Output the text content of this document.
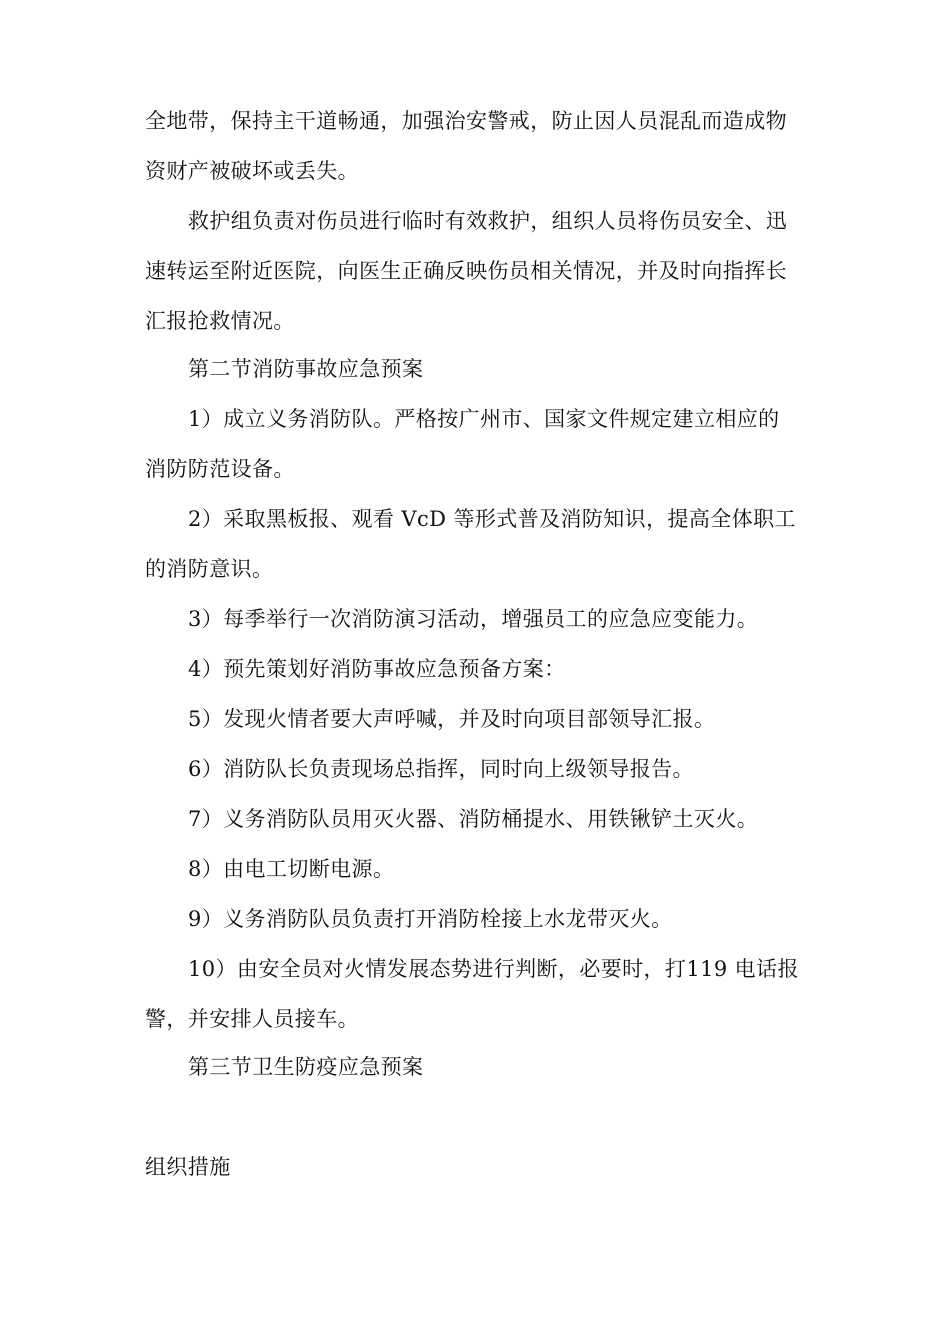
全地带，保持主干道畅通，加强治安警戒，防止因人员混乱而造成物
资财产被破坏或丢失。
救护组负责对伤员进行临时有效救护，组织人员将伤员安全、迅
速转运至附近医院，向医生正确反映伤员相关情况，并及时向指挥长
汇报抢救情况。
第二节消防事故应急预案
1）成立义务消防队。严格按广州市、国家文件规定建立相应的
消防防范设备。
2）采取黑板报、观看 VcD 等形式普及消防知识，提高全体职工
的消防意识。
3）每季举行一次消防演习活动，增强员工的应急应变能力。
4）预先策划好消防事故应急预备方案：
5）发现火情者要大声呼喊，并及时向项目部领导汇报。
6）消防队长负责现场总指挥，同时向上级领导报告。
7）义务消防队员用灭火器、消防桶提水、用铁锹铲土灭火。
8）由电工切断电源。
9）义务消防队员负责打开消防栓接上水龙带灭火。
10）由安全员对火情发展态势进行判断，必要时，打119 电话报
警，并安排人员接车。
第三节卫生防疫应急预案
组织措施
